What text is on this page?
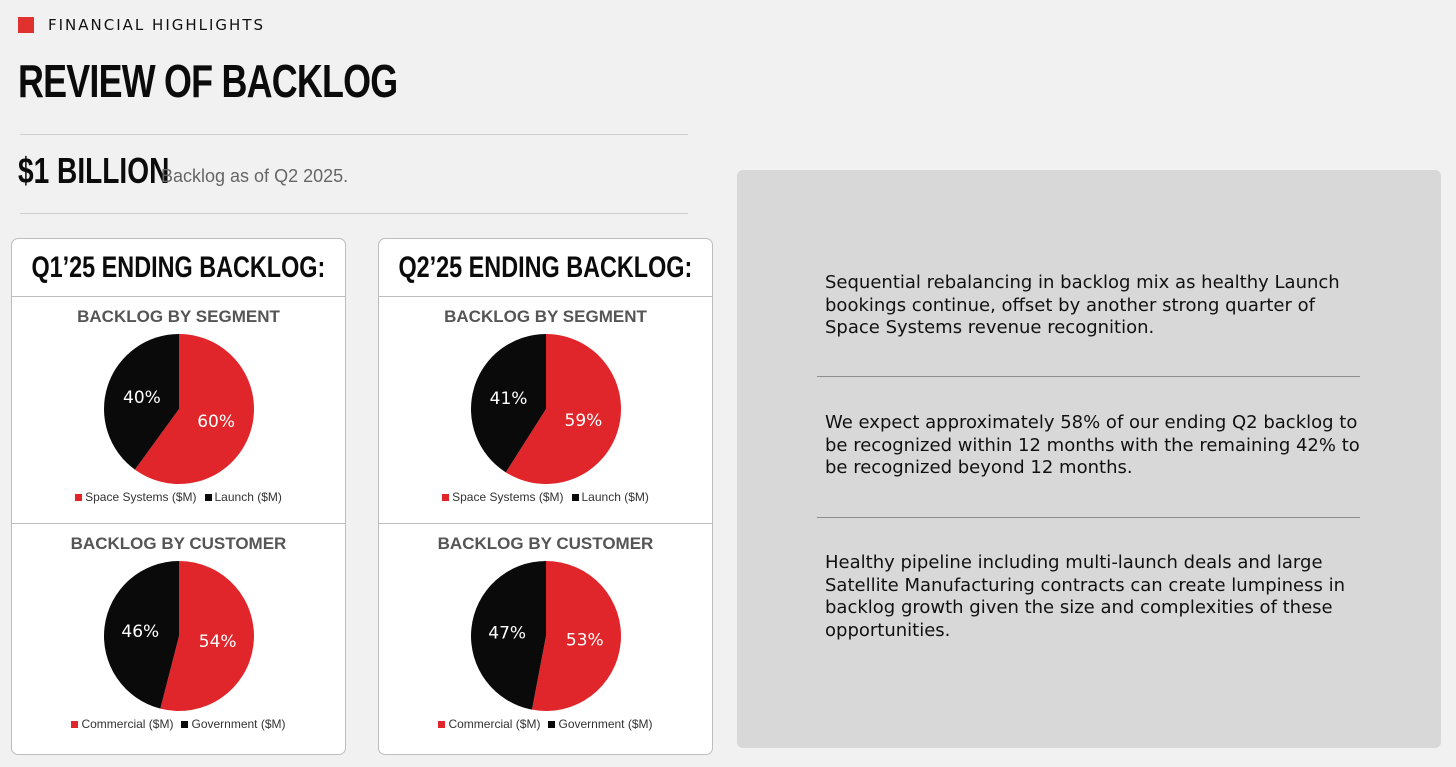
FINANCIAL HIGHLIGHTS
REVIEW OF BACKLOG
$1 BILLION
Backlog as of Q2 2025.
Q1’25 ENDING BACKLOG:
BACKLOG BY SEGMENT
60%
40%
Space Systems ($M) Launch ($M)
BACKLOG BY CUSTOMER
54%
46%
Commercial ($M) Government ($M)
Q2’25 ENDING BACKLOG:
BACKLOG BY SEGMENT
59%
41%
Space Systems ($M) Launch ($M)
BACKLOG BY CUSTOMER
53%
47%
Commercial ($M) Government ($M)
Sequential rebalancing in backlog mix as healthy Launch bookings continue, offset by another strong quarter of Space Systems revenue recognition.
We expect approximately 58% of our ending Q2 backlog to be recognized within 12 months with the remaining 42% to be recognized beyond 12 months.
Healthy pipeline including multi-launch deals and large Satellite Manufacturing contracts can create lumpiness in backlog growth given the size and complexities of these opportunities.
